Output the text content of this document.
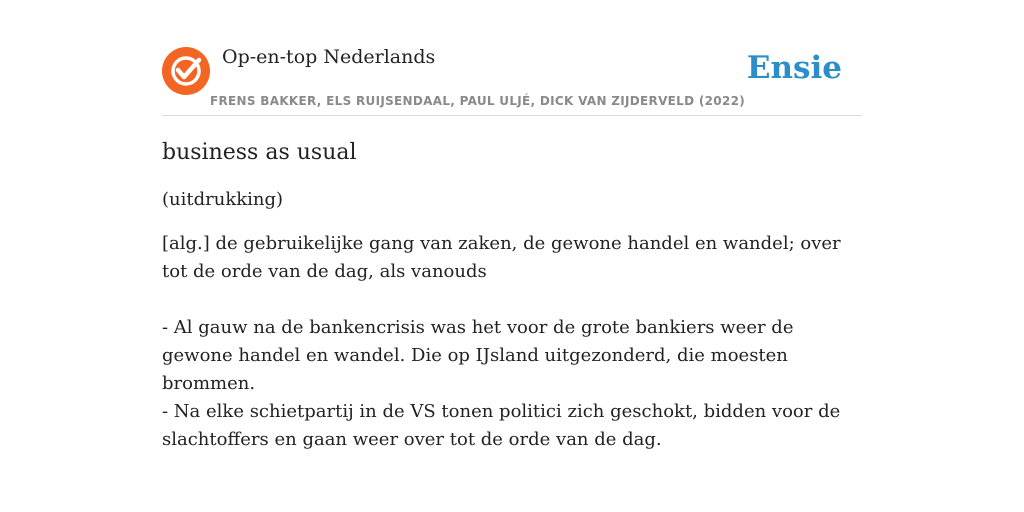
Op-en-top Nederlands
FRENS BAKKER, ELS RUIJSENDAAL, PAUL ULJÉ, DICK VAN ZIJDERVELD (2022)
Ensie
business as usual
(uitdrukking)
[alg.] de gebruikelijke gang van zaken, de gewone handel en wandel; over tot de orde van de dag, als vanouds

- Al gauw na de bankencrisis was het voor de grote bankiers weer de gewone handel en wandel. Die op IJsland uitgezonderd, die moesten brommen.

- Na elke schietpartij in de VS tonen politici zich geschokt, bidden voor de slachtoffers en gaan weer over tot de orde van de dag.
